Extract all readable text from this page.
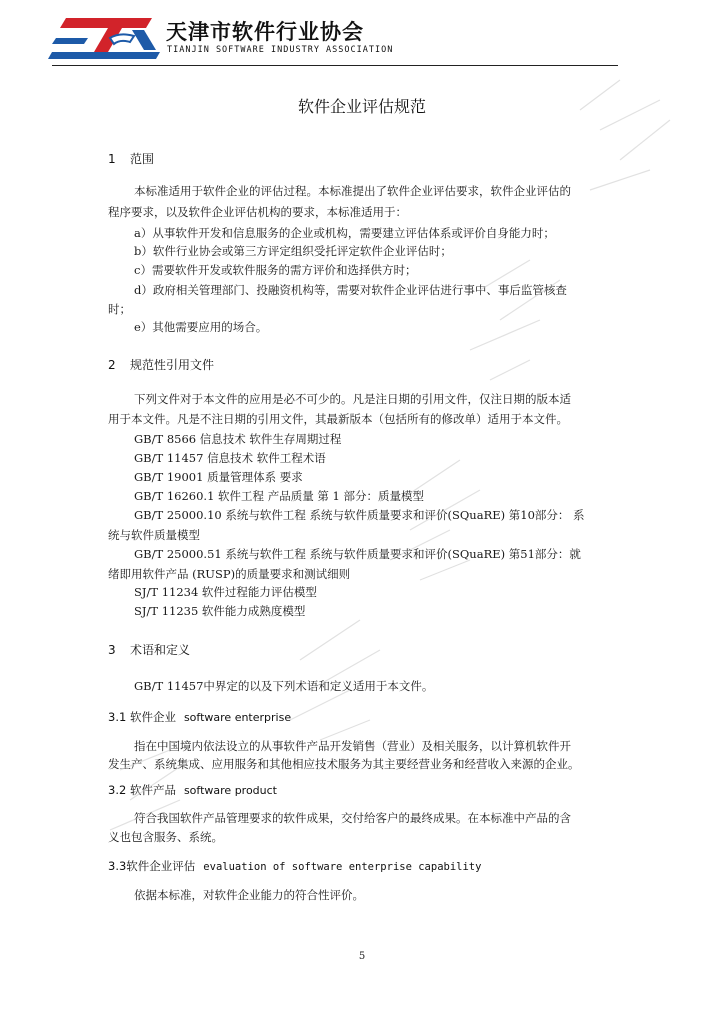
天津市软件行业协会
TIANJIN SOFTWARE INDUSTRY ASSOCIATION
软件企业评估规范
1 范围
本标准适用于软件企业的评估过程。本标准提出了软件企业评估要求，软件企业评估的
程序要求，以及软件企业评估机构的要求，本标准适用于：
a）从事软件开发和信息服务的企业或机构，需要建立评估体系或评价自身能力时；
b）软件行业协会或第三方评定组织受托评定软件企业评估时；
c）需要软件开发或软件服务的需方评价和选择供方时；
d）政府相关管理部门、投融资机构等，需要对软件企业评估进行事中、事后监管核查
时；
e）其他需要应用的场合。
2 规范性引用文件
下列文件对于本文件的应用是必不可少的。凡是注日期的引用文件，仅注日期的版本适
用于本文件。凡是不注日期的引用文件，其最新版本（包括所有的修改单）适用于本文件。
GB/T 8566 信息技术 软件生存周期过程
GB/T 11457 信息技术 软件工程术语
GB/T 19001 质量管理体系 要求
GB/T 16260.1 软件工程 产品质量 第 1 部分：质量模型
GB/T 25000.10 系统与软件工程 系统与软件质量要求和评价(SQuaRE) 第10部分： 系
统与软件质量模型
GB/T 25000.51 系统与软件工程 系统与软件质量要求和评价(SQuaRE) 第51部分：就
绪即用软件产品 (RUSP)的质量要求和测试细则
SJ/T 11234 软件过程能力评估模型
SJ/T 11235 软件能力成熟度模型
3 术语和定义
GB/T 11457中界定的以及下列术语和定义适用于本文件。
3.1 软件企业 software enterprise
指在中国境内依法设立的从事软件产品开发销售（营业）及相关服务，以计算机软件开
发生产、系统集成、应用服务和其他相应技术服务为其主要经营业务和经营收入来源的企业。
3.2 软件产品 software product
符合我国软件产品管理要求的软件成果，交付给客户的最终成果。在本标准中产品的含
义也包含服务、系统。
3.3软件企业评估 evaluation of software enterprise capability
依据本标准，对软件企业能力的符合性评价。
5
